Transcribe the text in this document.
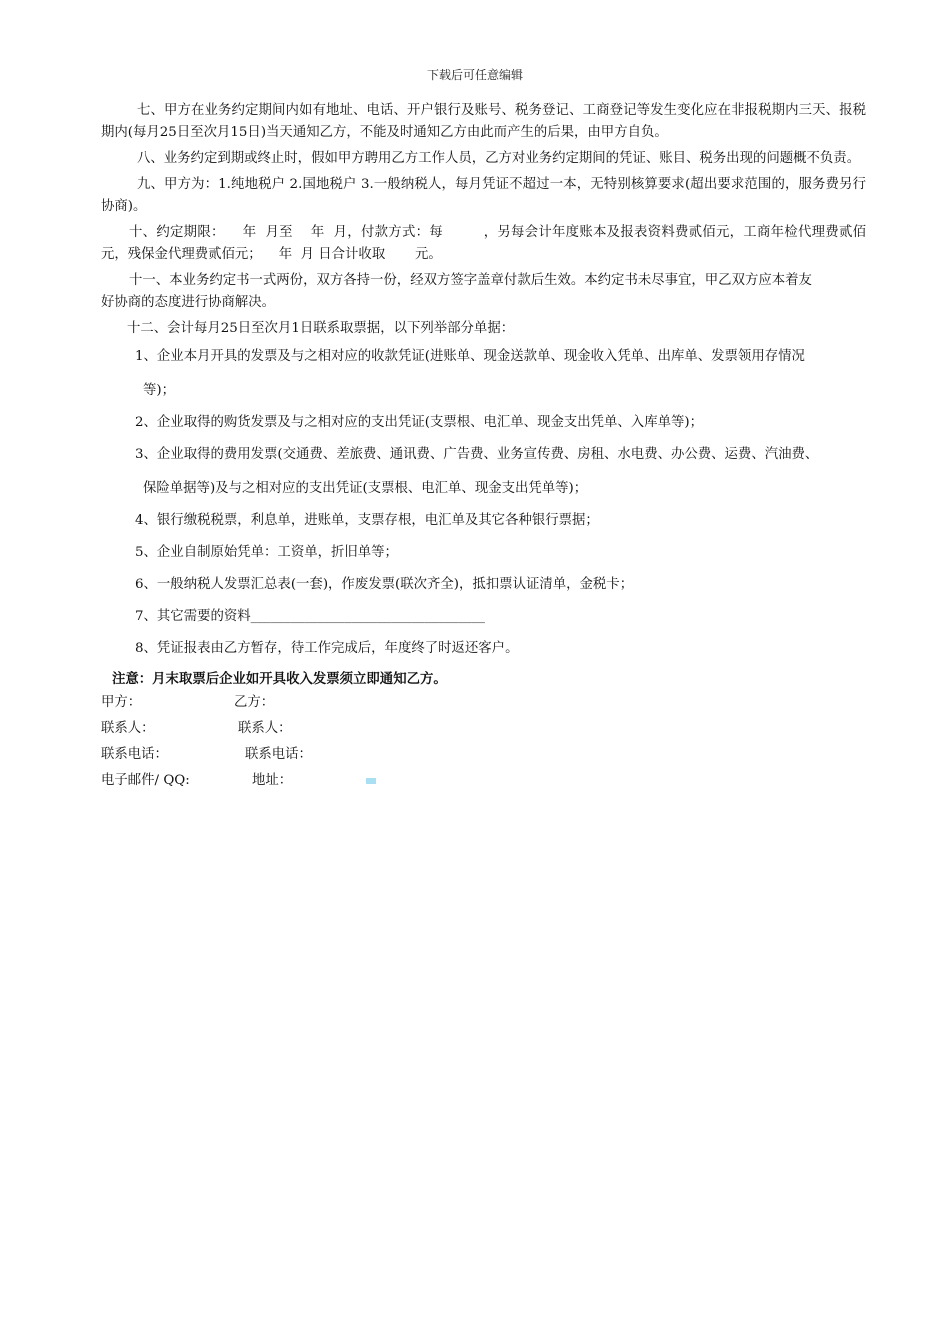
下载后可任意编辑

七、甲方在业务约定期间内如有地址、电话、开户银行及账号、税务登记、工商登记等发生变化应在非报税期内三天、报税期内(每月25日至次月15日)当天通知乙方，不能及时通知乙方由此而产生的后果，由甲方自负。

八、业务约定到期或终止时，假如甲方聘用乙方工作人员，乙方对业务约定期间的凭证、账目、税务出现的问题概不负责。

九、甲方为：1.纯地税户 2.国地税户 3.一般纳税人，每月凭证不超过一本，无特别核算要求(超出要求范围的，服务费另行协商)。

十、约定期限：    年  月至    年  月，付款方式：每         ，另每会计年度账本及报表资料费贰佰元，工商年检代理费贰佰元，残保金代理费贰佰元；    年  月 日合计收取       元。

十一、本业务约定书一式两份，双方各持一份，经双方签字盖章付款后生效。本约定书未尽事宜，甲乙双方应本着友
好协商的态度进行协商解决。

十二、会计每月25日至次月1日联系取票据，以下列举部分单据：

1、企业本月开具的发票及与之相对应的收款凭证(进账单、现金送款单、现金收入凭单、出库单、发票领用存情况
等)；
2、企业取得的购货发票及与之相对应的支出凭证(支票根、电汇单、现金支出凭单、入库单等)；
3、企业取得的费用发票(交通费、差旅费、通讯费、广告费、业务宣传费、房租、水电费、办公费、运费、汽油费、
保险单据等)及与之相对应的支出凭证(支票根、电汇单、现金支出凭单等)；
4、银行缴税税票，利息单，进账单，支票存根，电汇单及其它各种银行票据；
5、企业自制原始凭单：工资单，折旧单等；
6、一般纳税人发票汇总表(一套)，作废发票(联次齐全)，抵扣票认证清单，金税卡；
7、其它需要的资料___________________________________
8、凭证报表由乙方暂存，待工作完成后，年度终了时返还客户。
注意：月末取票后企业如开具收入发票须立即通知乙方。
甲方：	乙方：
联系人：	联系人：
联系电话：	联系电话：
电子邮件/ QQ:	地址：
